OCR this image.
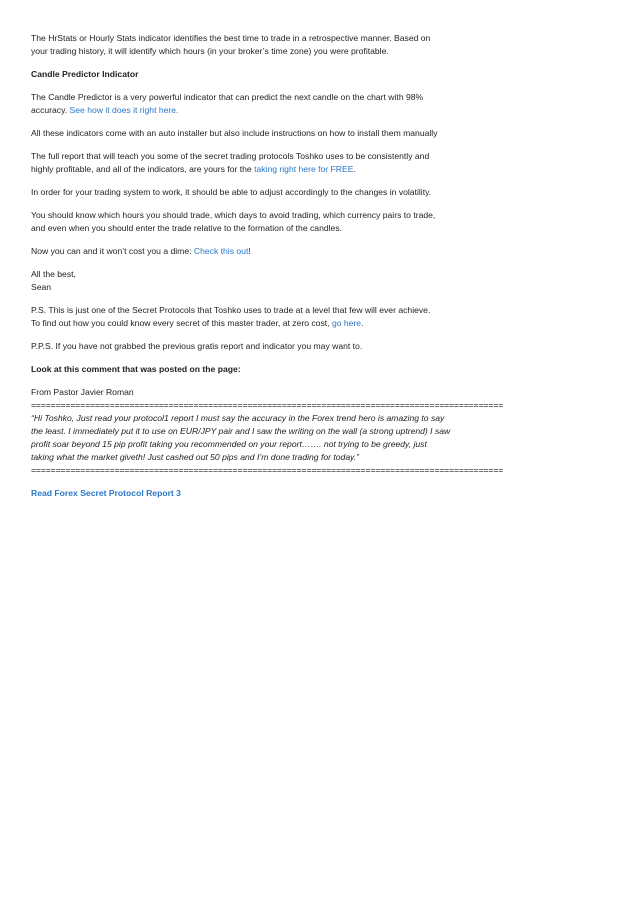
The HrStats or Hourly Stats indicator identifies the best time to trade in a retrospective manner. Based on
your trading history, it will identify which hours (in your broker’s time zone) you were profitable.

Candle Predictor Indicator

The Candle Predictor is a very powerful indicator that can predict the next candle on the chart with 98%
accuracy. See how it does it right here.

All these indicators come with an auto installer but also include instructions on how to install them manually

The full report that will teach you some of the secret trading protocols Toshko uses to be consistently and
highly profitable, and all of the indicators, are yours for the taking right here for FREE.

In order for your trading system to work, it should be able to adjust accordingly to the changes in volatility.

You should know which hours you should trade, which days to avoid trading, which currency pairs to trade,
and even when you should enter the trade relative to the formation of the candles.

Now you can and it won’t cost you a dime: Check this out!

All the best,
Sean

P.S. This is just one of the Secret Protocols that Toshko uses to trade at a level that few will ever achieve.
To find out how you could know every secret of this master trader, at zero cost, go here.

P.P.S. If you have not grabbed the previous gratis report and indicator you may want to.

Look at this comment that was posted on the page:

From Pastor Javier Roman

================================================================================================

“Hi Toshko, Just read your protocol1 report I must say the accuracy in the Forex trend hero is amazing to say
the least. I immediately put it to use on EUR/JPY pair and I saw the writing on the wall (a strong uptrend) I saw
profit soar beyond 15 pip profit taking you recommended on your report……. not trying to be greedy, just
taking what the market giveth! Just cashed out 50 pips and I’m done trading for today.”

================================================================================================

Read Forex Secret Protocol Report 3
